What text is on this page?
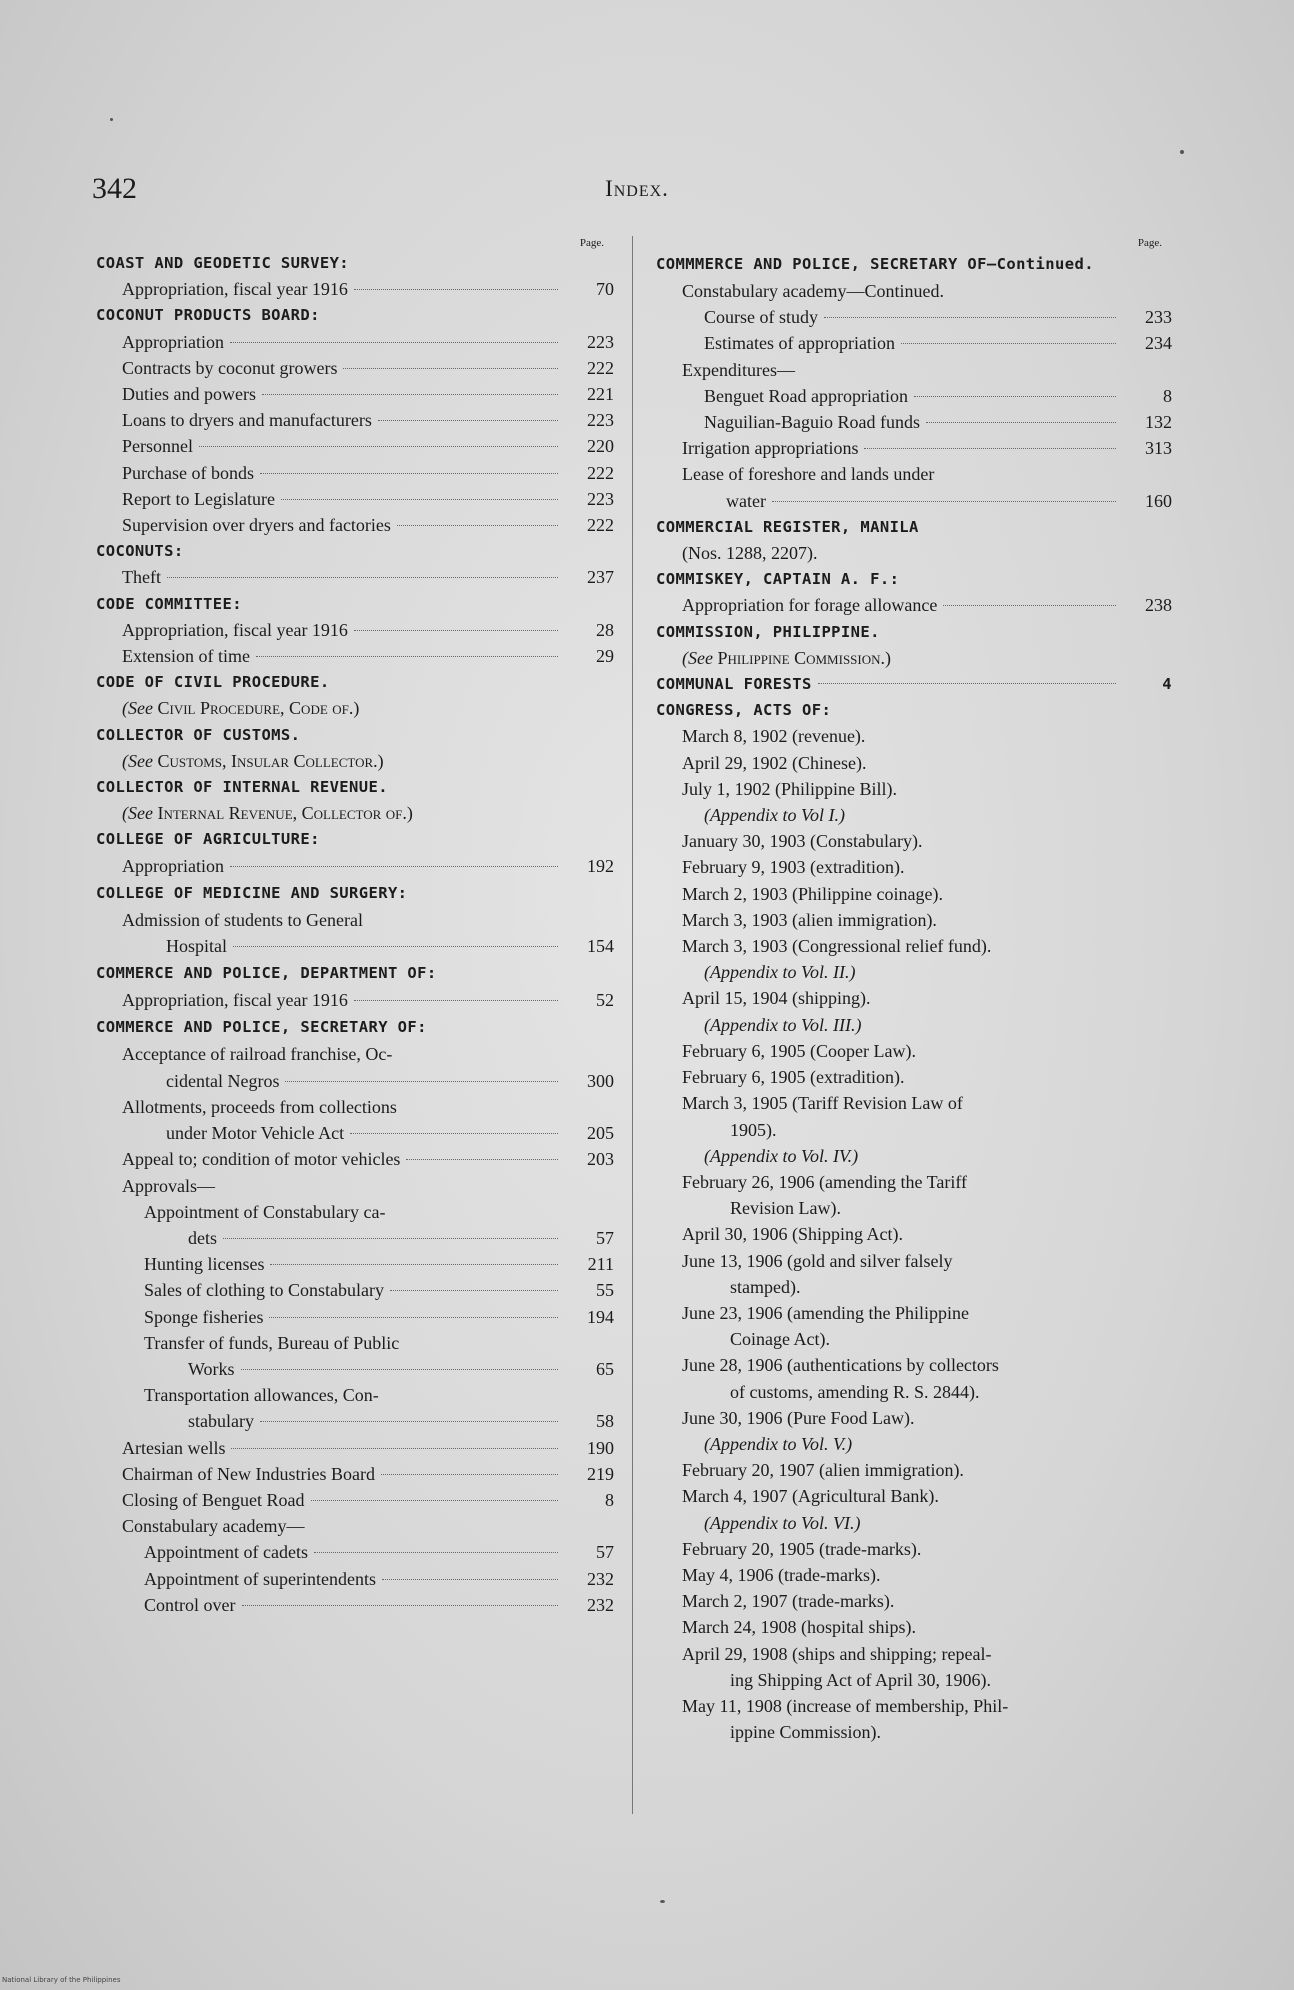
342	Index.
Page.
COAST AND GEODETIC SURVEY:
Appropriation, fiscal year 1916	70
COCONUT PRODUCTS BOARD:
Appropriation	223
Contracts by coconut growers	222
Duties and powers	221
Loans to dryers and manufacturers	223
Personnel	220
Purchase of bonds	222
Report to Legislature	223
Supervision over dryers and factories	222
COCONUTS:
Theft	237
CODE COMMITTEE:
Appropriation, fiscal year 1916	28
Extension of time	29
CODE OF CIVIL PROCEDURE.
(See Civil Procedure, Code of.)
COLLECTOR OF CUSTOMS.
(See Customs, Insular Collector.)
COLLECTOR OF INTERNAL REVENUE.
(See Internal Revenue, Collector of.)
COLLEGE OF AGRICULTURE:
Appropriation	192
COLLEGE OF MEDICINE AND SURGERY:
Admission of students to General
Hospital	154
COMMERCE AND POLICE, DEPARTMENT OF:
Appropriation, fiscal year 1916	52
COMMERCE AND POLICE, SECRETARY OF:
Acceptance of railroad franchise, Oc-
cidental Negros	300
Allotments, proceeds from collections
under Motor Vehicle Act	205
Appeal to; condition of motor vehicles	203
Approvals—
Appointment of Constabulary ca-
dets	57
Hunting licenses	211
Sales of clothing to Constabulary	55
Sponge fisheries	194
Transfer of funds, Bureau of Public
Works	65
Transportation allowances, Con-
stabulary	58
Artesian wells	190
Chairman of New Industries Board	219
Closing of Benguet Road	8
Constabulary academy—
Appointment of cadets	57
Appointment of superintendents	232
Control over	232
Page.
COMMMERCE AND POLICE, SECRETARY OF—Continued.
Constabulary academy—Continued.
Course of study	233
Estimates of appropriation	234
Expenditures—
Benguet Road appropriation	8
Naguilian-Baguio Road funds	132
Irrigation appropriations	313
Lease of foreshore and lands under
water	160
COMMERCIAL REGISTER, MANILA
(Nos. 1288, 2207).
COMMISKEY, CAPTAIN A. F.:
Appropriation for forage allowance	238
COMMISSION, PHILIPPINE.
(See Philippine Commission.)
COMMUNAL FORESTS	4
CONGRESS, ACTS OF:
March 8, 1902 (revenue).
April 29, 1902 (Chinese).
July 1, 1902 (Philippine Bill).
(Appendix to Vol I.)
January 30, 1903 (Constabulary).
February 9, 1903 (extradition).
March 2, 1903 (Philippine coinage).
March 3, 1903 (alien immigration).
March 3, 1903 (Congressional relief fund).
(Appendix to Vol. II.)
April 15, 1904 (shipping).
(Appendix to Vol. III.)
February 6, 1905 (Cooper Law).
February 6, 1905 (extradition).
March 3, 1905 (Tariff Revision Law of
1905).
(Appendix to Vol. IV.)
February 26, 1906 (amending the Tariff
Revision Law).
April 30, 1906 (Shipping Act).
June 13, 1906 (gold and silver falsely
stamped).
June 23, 1906 (amending the Philippine
Coinage Act).
June 28, 1906 (authentications by collectors
of customs, amending R. S. 2844).
June 30, 1906 (Pure Food Law).
(Appendix to Vol. V.)
February 20, 1907 (alien immigration).
March 4, 1907 (Agricultural Bank).
(Appendix to Vol. VI.)
February 20, 1905 (trade-marks).
May 4, 1906 (trade-marks).
March 2, 1907 (trade-marks).
March 24, 1908 (hospital ships).
April 29, 1908 (ships and shipping; repeal-
ing Shipping Act of April 30, 1906).
May 11, 1908 (increase of membership, Phil-
ippine Commission).
National Library of the Philippines
